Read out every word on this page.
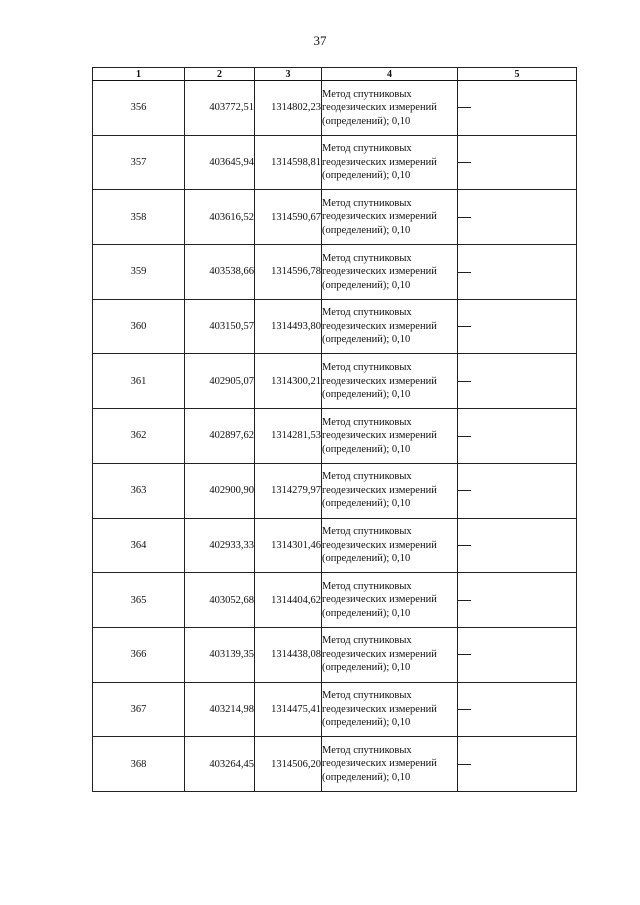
37
1	2	3	4	5
356	403772,51	1314802,23	Метод спутниковых геодезических измерений (определений); 0,10	

357	403645,94	1314598,81	Метод спутниковых геодезических измерений (определений); 0,10	

358	403616,52	1314590,67	Метод спутниковых геодезических измерений (определений); 0,10	

359	403538,66	1314596,78	Метод спутниковых геодезических измерений (определений); 0,10	

360	403150,57	1314493,80	Метод спутниковых геодезических измерений (определений); 0,10	

361	402905,07	1314300,21	Метод спутниковых геодезических измерений (определений); 0,10	

362	402897,62	1314281,53	Метод спутниковых геодезических измерений (определений); 0,10	

363	402900,90	1314279,97	Метод спутниковых геодезических измерений (определений); 0,10	

364	402933,33	1314301,46	Метод спутниковых геодезических измерений (определений); 0,10	

365	403052,68	1314404,62	Метод спутниковых геодезических измерений (определений); 0,10	

366	403139,35	1314438,08	Метод спутниковых геодезических измерений (определений); 0,10	

367	403214,98	1314475,41	Метод спутниковых геодезических измерений (определений); 0,10	

368	403264,45	1314506,20	Метод спутниковых геодезических измерений (определений); 0,10	
